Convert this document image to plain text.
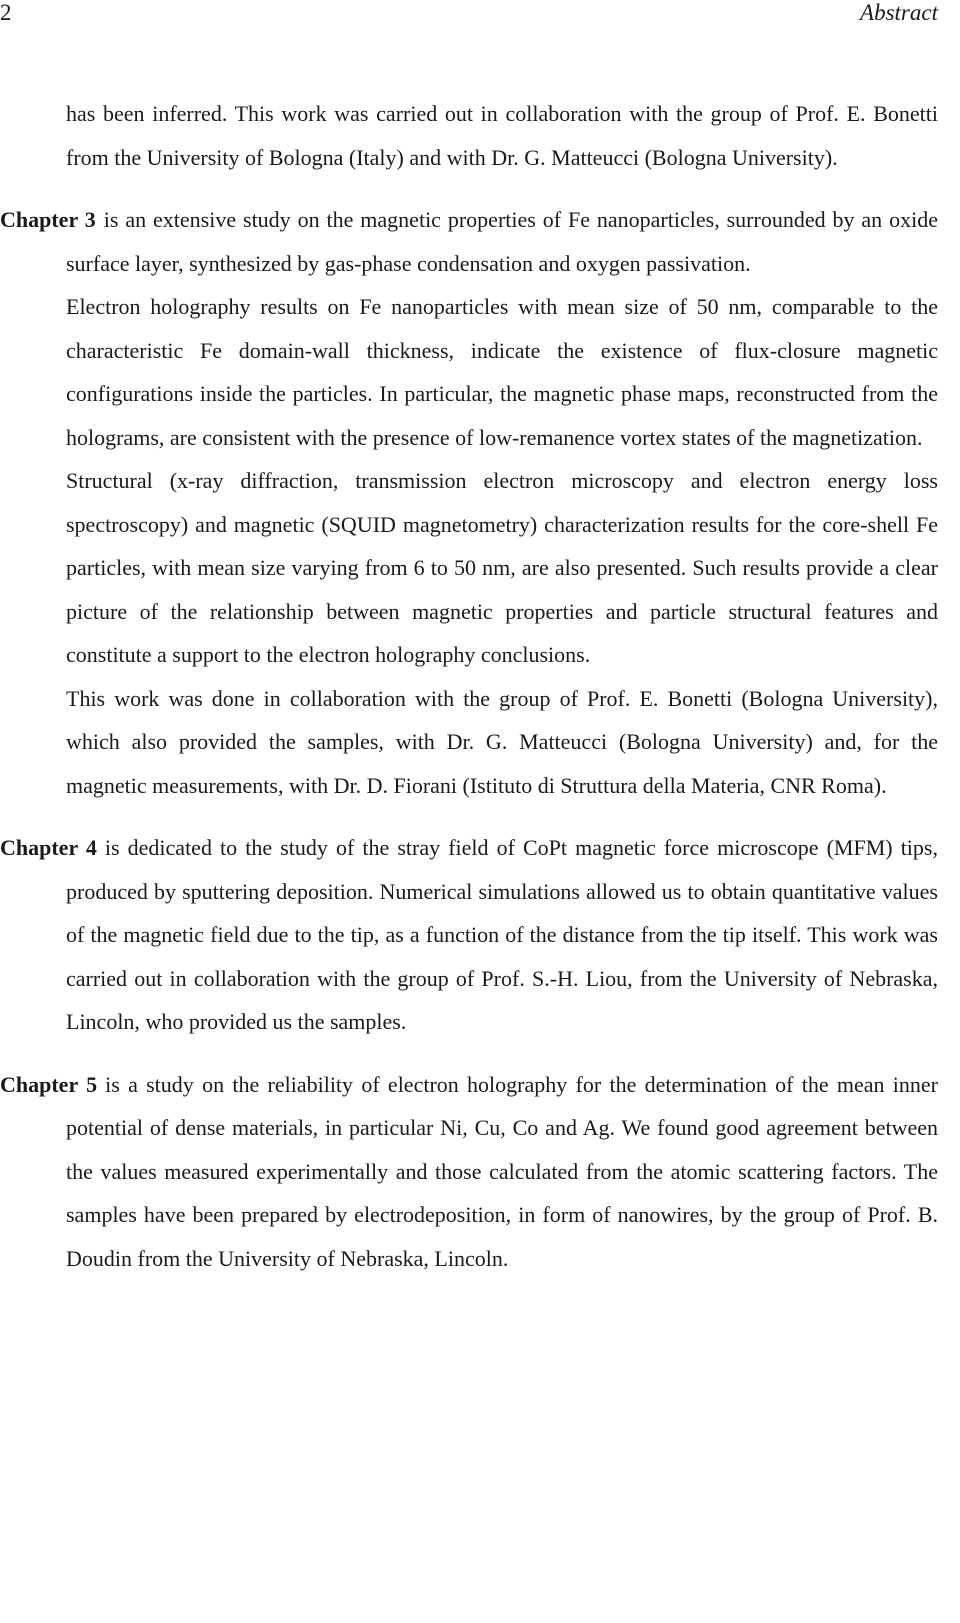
2	Abstract

has been inferred. This work was carried out in collaboration with the group of Prof. E. Bonetti from the University of Bologna (Italy) and with Dr. G. Matteucci (Bologna University).

Chapter 3 is an extensive study on the magnetic properties of Fe nanoparticles, surrounded by an oxide surface layer, synthesized by gas-phase condensation and oxygen passivation.

Electron holography results on Fe nanoparticles with mean size of 50 nm, comparable to the characteristic Fe domain-wall thickness, indicate the existence of flux-closure magnetic configurations inside the particles. In particular, the magnetic phase maps, reconstructed from the holograms, are consistent with the presence of low-remanence vortex states of the magnetization.

Structural (x-ray diffraction, transmission electron microscopy and electron energy loss spectroscopy) and magnetic (SQUID magnetometry) characterization results for the core-shell Fe particles, with mean size varying from 6 to 50 nm, are also presented. Such results provide a clear picture of the relationship between magnetic properties and particle structural features and constitute a support to the electron holography conclusions.

This work was done in collaboration with the group of Prof. E. Bonetti (Bologna University), which also provided the samples, with Dr. G. Matteucci (Bologna University) and, for the magnetic measurements, with Dr. D. Fiorani (Istituto di Struttura della Materia, CNR Roma).

Chapter 4 is dedicated to the study of the stray field of CoPt magnetic force microscope (MFM) tips, produced by sputtering deposition. Numerical simulations allowed us to obtain quantitative values of the magnetic field due to the tip, as a function of the distance from the tip itself. This work was carried out in collaboration with the group of Prof. S.-H. Liou, from the University of Nebraska, Lincoln, who provided us the samples.

Chapter 5 is a study on the reliability of electron holography for the determination of the mean inner potential of dense materials, in particular Ni, Cu, Co and Ag. We found good agreement between the values measured experimentally and those calculated from the atomic scattering factors. The samples have been prepared by electrodeposition, in form of nanowires, by the group of Prof. B. Doudin from the University of Nebraska, Lincoln.
